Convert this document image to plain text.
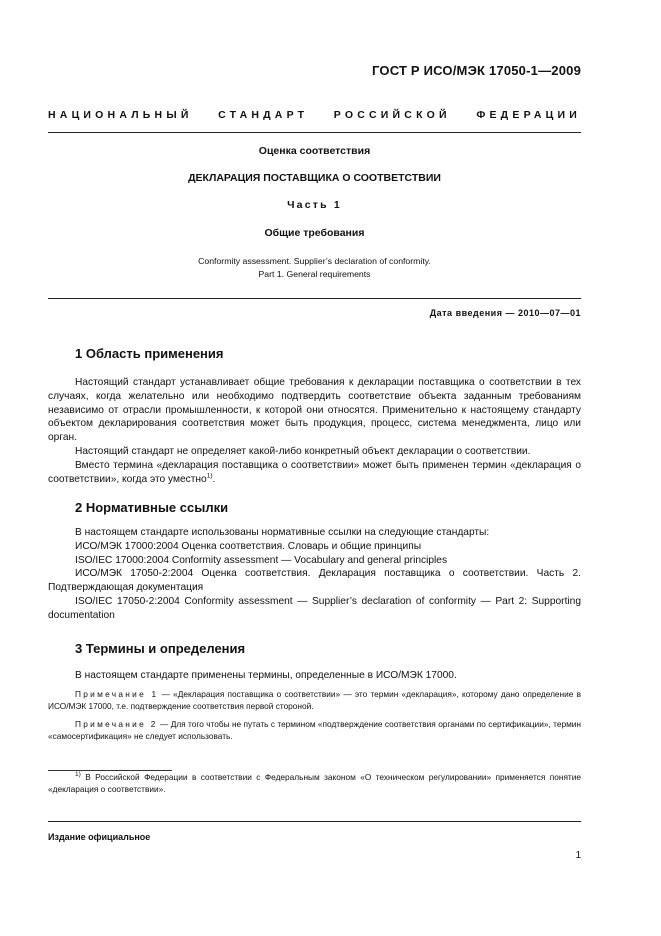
ГОСТ Р ИСО/МЭК 17050-1—2009
НАЦИОНАЛЬНЫЙ СТАНДАРТ РОССИЙСКОЙ ФЕДЕРАЦИИ
Оценка соответствия
ДЕКЛАРАЦИЯ ПОСТАВЩИКА О СООТВЕТСТВИИ
Часть 1
Общие требования
Conformity assessment. Supplier’s declaration of conformity.
Part 1. General requirements
Дата введения — 2010—07—01
1 Область применения

Настоящий стандарт устанавливает общие требования к декларации поставщика о соответствии в тех случаях, когда желательно или необходимо подтвердить соответствие объекта заданным требованиям независимо от отрасли промышленности, к которой они относятся. Применительно к настоящему стандарту объектом декларирования соответствия может быть продукция, процесс, система менеджмента, лицо или орган.

Настоящий стандарт не определяет какой-либо конкретный объект декларации о соответствии.

Вместо термина «декларация поставщика о соответствии» может быть применен термин «декларация о соответствии», когда это уместно$^{1)}$.

2 Нормативные ссылки

В настоящем стандарте использованы нормативные ссылки на следующие стандарты:

ИСО/МЭК 17000:2004 Оценка соответствия. Словарь и общие принципы

ISO/IEC 17000:2004 Conformity assessment — Vocabulary and general principles

ИСО/МЭК 17050-2:2004 Оценка соответствия. Декларация поставщика о соответствии. Часть 2. Подтверждающая документация

ISO/IEC 17050-2:2004 Conformity assessment — Supplier’s declaration of conformity — Part 2: Supporting documentation

3 Термины и определения

В настоящем стандарте применены термины, определенные в ИСО/МЭК 17000.

Примечание 1 — «Декларация поставщика о соответствии» — это термин «декларация», которому дано определение в ИСО/МЭК 17000, т.е. подтверждение соответствия первой стороной.

Примечание 2 — Для того чтобы не путать с термином «подтверждение соответствия органами по сертификации», термин «самосертификация» не следует использовать.

$^{1)}$ В Российской Федерации в соответствии с Федеральным законом «О техническом регулировании» применяется понятие «декларация о соответствии».

Издание официальное
1
